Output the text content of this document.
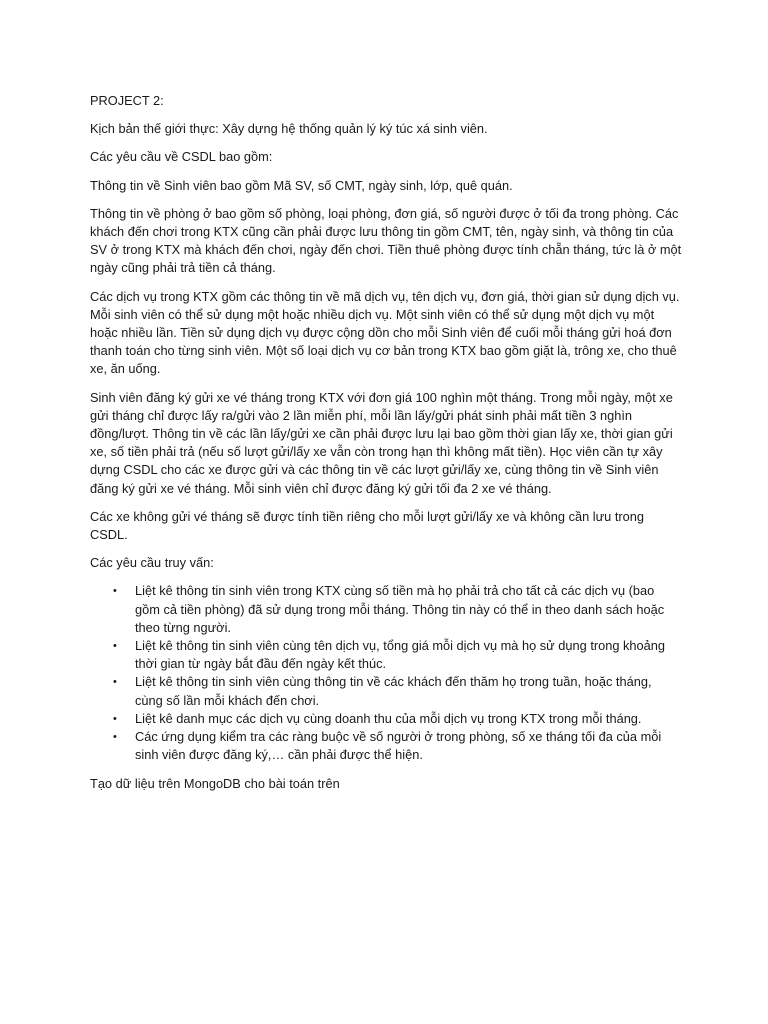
PROJECT 2:

Kịch bản thế giới thực: Xây dựng hệ thống quản lý ký túc xá sinh viên.

Các yêu cầu về CSDL bao gồm:

Thông tin về Sinh viên bao gồm Mã SV, số CMT, ngày sinh, lớp, quê quán.

Thông tin về phòng ở bao gồm số phòng, loại phòng, đơn giá, số người được ở tối đa trong phòng. Các khách đến chơi trong KTX cũng cần phải được lưu thông tin gồm CMT, tên, ngày sinh, và thông tin của SV ở trong KTX mà khách đến chơi, ngày đến chơi. Tiền thuê phòng được tính chẵn tháng, tức là ở một ngày cũng phải trả tiền cả tháng.

Các dịch vụ trong KTX gồm các thông tin về mã dịch vụ, tên dịch vụ, đơn giá, thời gian sử dụng dịch vụ. Mỗi sinh viên có thể sử dụng một hoặc nhiều dịch vụ. Một sinh viên có thể sử dụng một dịch vụ một hoặc nhiều lần. Tiền sử dụng dịch vụ được cộng dồn cho mỗi Sinh viên để cuối mỗi tháng gửi hoá đơn thanh toán cho từng sinh viên. Một số loại dịch vụ cơ bản trong KTX bao gồm giặt là, trông xe, cho thuê xe, ăn uống.

Sinh viên đăng ký gửi xe vé tháng trong KTX với đơn giá 100 nghìn một tháng. Trong mỗi ngày, một xe gửi tháng chỉ được lấy ra/gửi vào 2 lần miễn phí, mỗi lần lấy/gửi phát sinh phải mất tiền 3 nghìn đồng/lượt. Thông tin về các lần lấy/gửi xe cần phải được lưu lại bao gồm thời gian lấy xe, thời gian gửi xe, số tiền phải trả (nếu số lượt gửi/lấy xe vẫn còn trong hạn thì không mất tiền). Học viên cần tự xây dựng CSDL cho các xe được gửi và các thông tin về các lượt gửi/lấy xe, cùng thông tin về Sinh viên đăng ký gửi xe vé tháng. Mỗi sinh viên chỉ được đăng ký gửi tối đa 2 xe vé tháng.

Các xe không gửi vé tháng sẽ được tính tiền riêng cho mỗi lượt gửi/lấy xe và không cần lưu trong CSDL.

Các yêu cầu truy vấn:

• Liệt kê thông tin sinh viên trong KTX cùng số tiền mà họ phải trả cho tất cả các dịch vụ (bao gồm cả tiền phòng) đã sử dụng trong mỗi tháng. Thông tin này có thể in theo danh sách hoặc theo từng người.
• Liệt kê thông tin sinh viên cùng tên dịch vụ, tổng giá mỗi dịch vụ mà họ sử dụng trong khoảng thời gian từ ngày bắt đầu đến ngày kết thúc.
• Liệt kê thông tin sinh viên cùng thông tin về các khách đến thăm họ trong tuần, hoặc tháng, cùng số lần mỗi khách đến chơi.
• Liệt kê danh mục các dịch vụ cùng doanh thu của mỗi dịch vụ trong KTX trong mỗi tháng.
• Các ứng dụng kiểm tra các ràng buộc về số người ở trong phòng, số xe tháng tối đa của mỗi sinh viên được đăng ký,… cần phải được thể hiện.

Tạo dữ liệu trên MongoDB cho bài toán trên
